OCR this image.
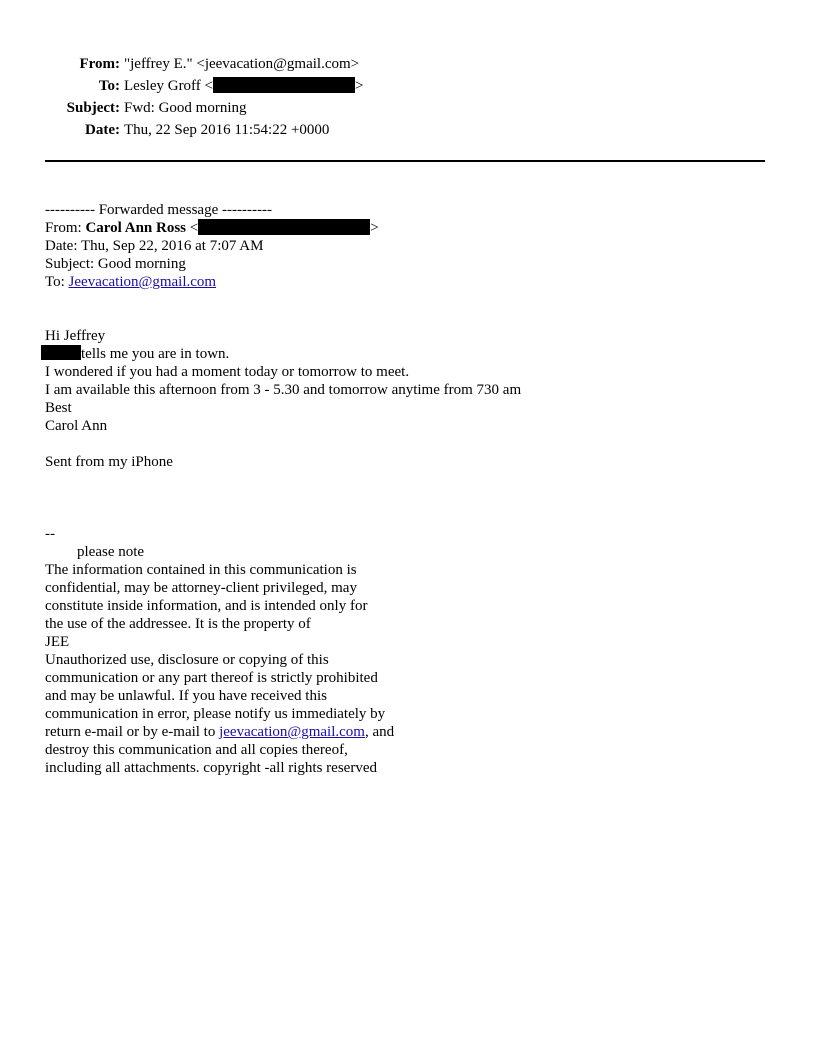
From: "jeffrey E." <jeevacation@gmail.com>
To: Lesley Groff <	>
Subject: Fwd: Good morning
Date: Thu, 22 Sep 2016 11:54:22 +0000
---------- Forwarded message ----------
From: Carol Ann Ross <	>
Date: Thu, Sep 22, 2016 at 7:07 AM
Subject: Good morning
To: Jeevacation@gmail.com
Hi Jeffrey
tells me you are in town.
I wondered if you had a moment today or tomorrow to meet.
I am available this afternoon from 3 - 5.30 and tomorrow anytime from 730 am
Best
Carol Ann
Sent from my iPhone
--
please note
The information contained in this communication is
confidential, may be attorney-client privileged, may
constitute inside information, and is intended only for
the use of the addressee. It is the property of
JEE
Unauthorized use, disclosure or copying of this
communication or any part thereof is strictly prohibited
and may be unlawful. If you have received this
communication in error, please notify us immediately by
return e-mail or by e-mail to jeevacation@gmail.com, and
destroy this communication and all copies thereof,
including all attachments. copyright -all rights reserved
